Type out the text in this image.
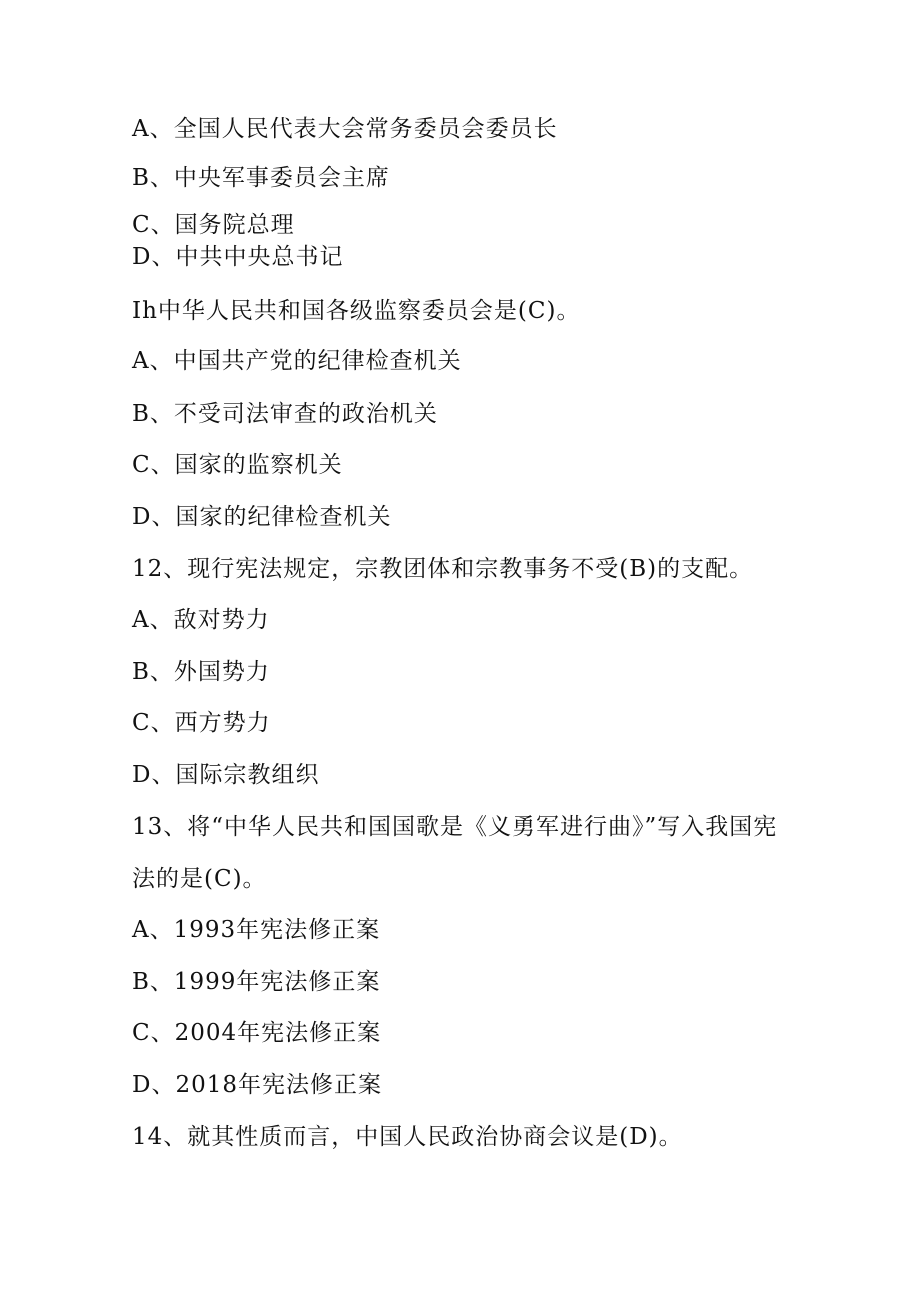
A、全国人民代表大会常务委员会委员长
B、中央军事委员会主席
C、国务院总理
D、中共中央总书记
Ih中华人民共和国各级监察委员会是(C)。
A、中国共产党的纪律检查机关
B、不受司法审查的政治机关
C、国家的监察机关
D、国家的纪律检查机关
12、现行宪法规定，宗教团体和宗教事务不受(B)的支配。
A、敌对势力
B、外国势力
C、西方势力
D、国际宗教组织
13、将“中华人民共和国国歌是《义勇军进行曲》”写入我国宪
法的是(C)。
A、1993年宪法修正案
B、1999年宪法修正案
C、2004年宪法修正案
D、2018年宪法修正案
14、就其性质而言，中国人民政治协商会议是(D)。
